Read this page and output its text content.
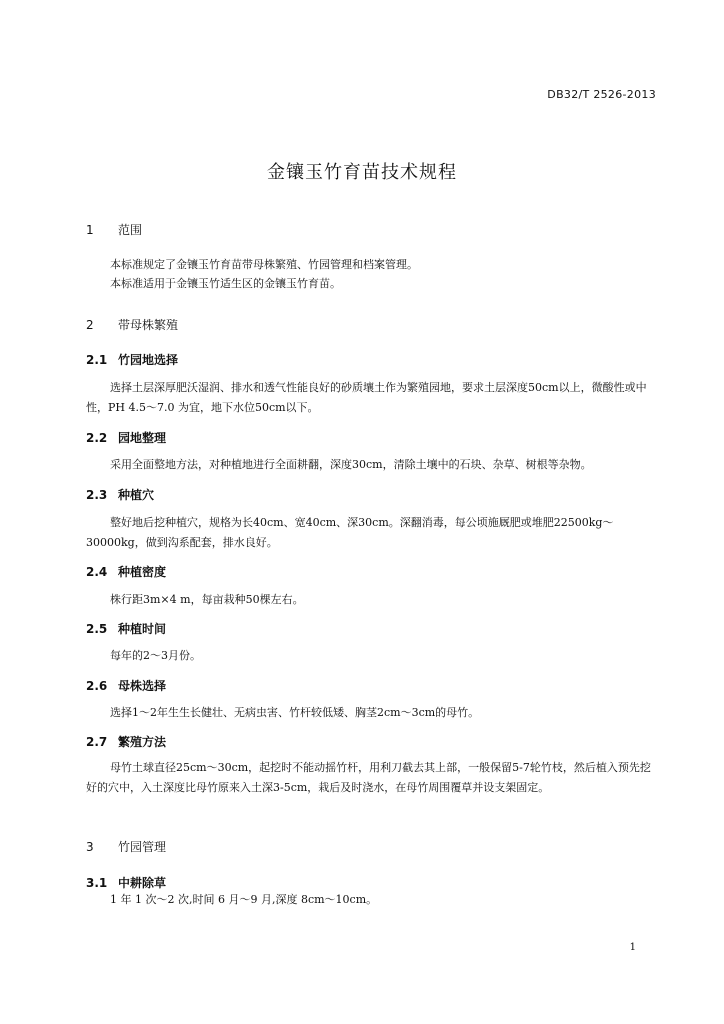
DB32/T 2526-2013
金镶玉竹育苗技术规程
1 范围

本标准规定了金镶玉竹育苗带母株繁殖、竹园管理和档案管理。

本标准适用于金镶玉竹适生区的金镶玉竹育苗。

2 带母株繁殖
2.1 竹园地选择

选择土层深厚肥沃湿润、排水和透气性能良好的砂质壤土作为繁殖园地，要求土层深度50cm以上，微酸性或中性，PH 4.5～7.0 为宜，地下水位50cm以下。

2.2 园地整理

采用全面整地方法，对种植地进行全面耕翻，深度30cm，清除土壤中的石块、杂草、树根等杂物。

2.3 种植穴

整好地后挖种植穴，规格为长40cm、宽40cm、深30cm。深翻消毒，每公顷施厩肥或堆肥22500kg～30000kg，做到沟系配套，排水良好。

2.4 种植密度

株行距3m×4 m，每亩栽种50棵左右。

2.5 种植时间

每年的2～3月份。

2.6 母株选择

选择1～2年生生长健壮、无病虫害、竹杆较低矮、胸茎2cm～3cm的母竹。

2.7 繁殖方法

母竹土球直径25cm～30cm，起挖时不能动摇竹杆，用利刀截去其上部，一般保留5-7轮竹枝，然后植入预先挖好的穴中，入土深度比母竹原来入土深3-5cm，栽后及时浇水，在母竹周围覆草并设支架固定。

3 竹园管理
3.1 中耕除草

1 年 1 次～2 次,时间 6 月～9 月,深度 8cm～10cm。

1
